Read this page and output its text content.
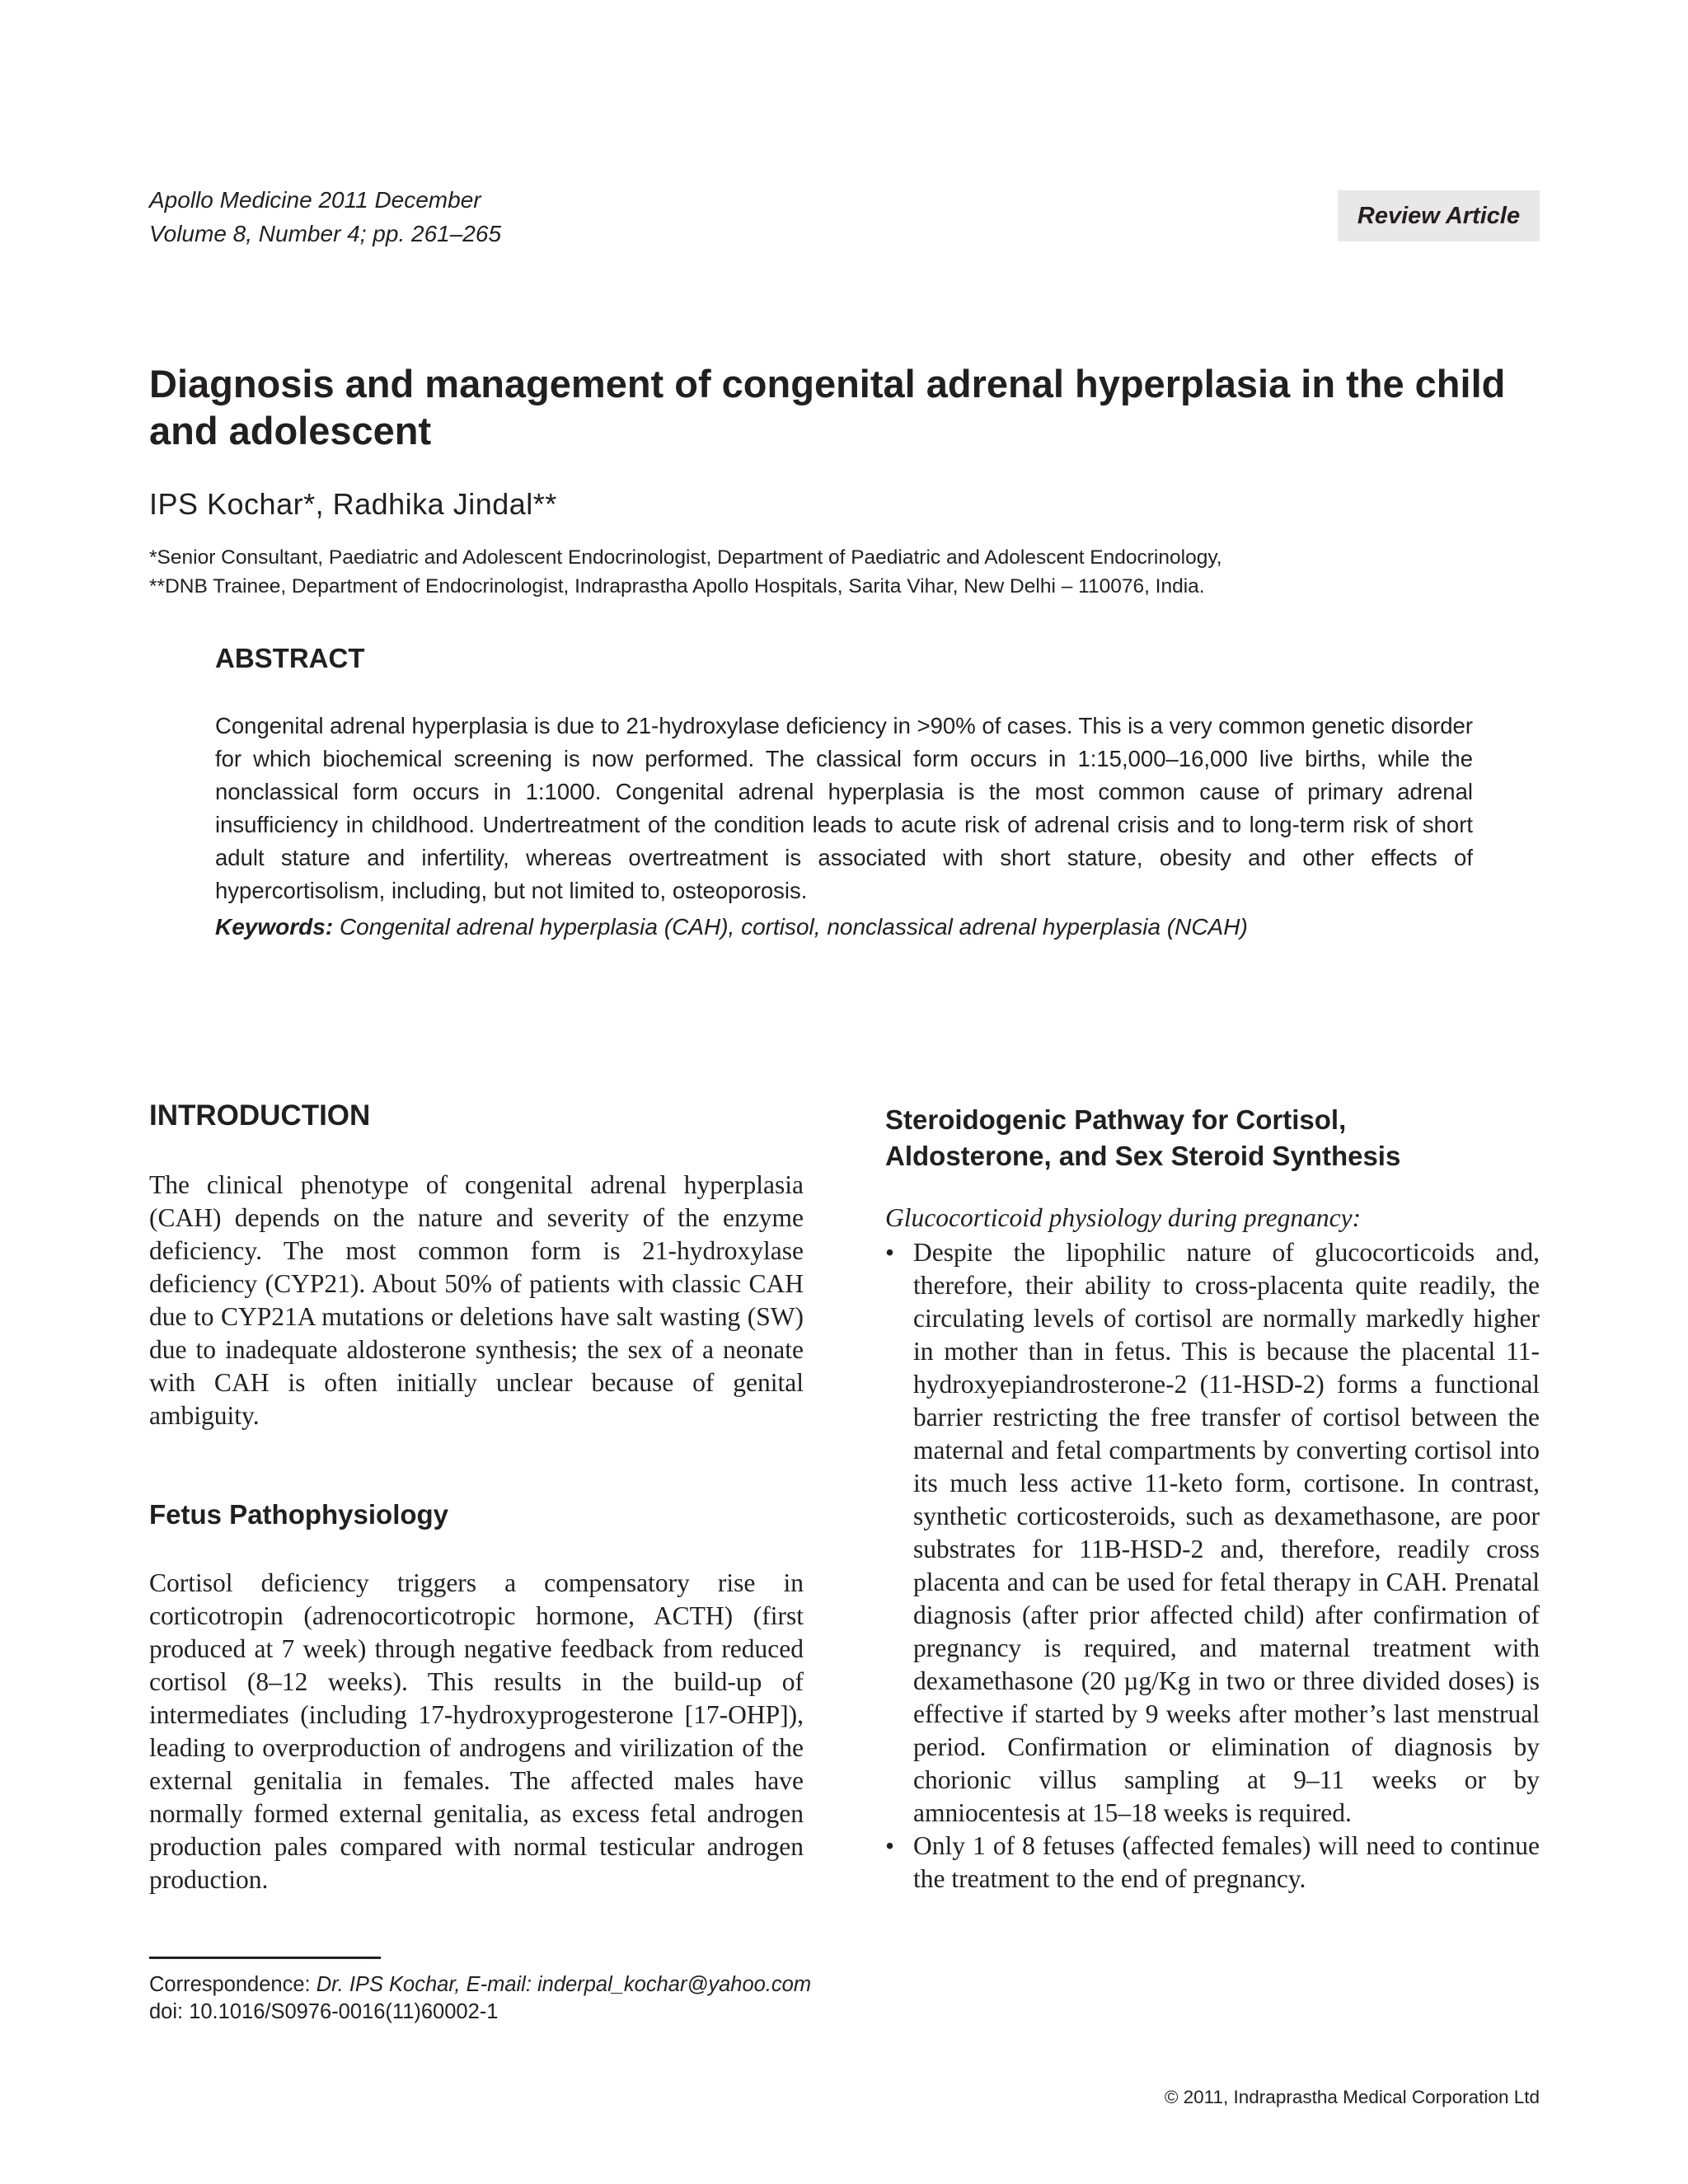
Apollo Medicine 2011 December
Volume 8, Number 4; pp. 261–265
Review Article
Diagnosis and management of congenital adrenal hyperplasia in the child and adolescent
IPS Kochar*, Radhika Jindal**
*Senior Consultant, Paediatric and Adolescent Endocrinologist, Department of Paediatric and Adolescent Endocrinology,
**DNB Trainee, Department of Endocrinologist, Indraprastha Apollo Hospitals, Sarita Vihar, New Delhi – 110076, India.
ABSTRACT

Congenital adrenal hyperplasia is due to 21-hydroxylase deficiency in >90% of cases. This is a very common genetic disorder for which biochemical screening is now performed. The classical form occurs in 1:15,000–16,000 live births, while the nonclassical form occurs in 1:1000. Congenital adrenal hyperplasia is the most common cause of primary adrenal insufficiency in childhood. Undertreatment of the condition leads to acute risk of adrenal crisis and to long-term risk of short adult stature and infertility, whereas overtreatment is associated with short stature, obesity and other effects of hypercortisolism, including, but not limited to, osteoporosis.

Keywords: Congenital adrenal hyperplasia (CAH), cortisol, nonclassical adrenal hyperplasia (NCAH)
INTRODUCTION

The clinical phenotype of congenital adrenal hyperplasia (CAH) depends on the nature and severity of the enzyme deficiency. The most common form is 21-hydroxylase deficiency (CYP21). About 50% of patients with classic CAH due to CYP21A mutations or deletions have salt wasting (SW) due to inadequate aldosterone synthesis; the sex of a neonate with CAH is often initially unclear because of genital ambiguity.

Fetus Pathophysiology

Cortisol deficiency triggers a compensatory rise in corticotropin (adrenocorticotropic hormone, ACTH) (first produced at 7 week) through negative feedback from reduced cortisol (8–12 weeks). This results in the build-up of intermediates (including 17-hydroxyprogesterone [17-OHP]), leading to overproduction of androgens and virilization of the external genitalia in females. The affected males have normally formed external genitalia, as excess fetal androgen production pales compared with normal testicular androgen production.

Steroidogenic Pathway for Cortisol,
Aldosterone, and Sex Steroid Synthesis
Glucocorticoid physiology during pregnancy:
• Despite the lipophilic nature of glucocorticoids and, therefore, their ability to cross-placenta quite readily, the circulating levels of cortisol are normally markedly higher in mother than in fetus. This is because the placental 11-hydroxyepiandrosterone-2 (11-HSD-2) forms a functional barrier restricting the free transfer of cortisol between the maternal and fetal compartments by converting cortisol into its much less active 11-keto form, cortisone. In contrast, synthetic corticosteroids, such as dexamethasone, are poor substrates for 11B-HSD-2 and, therefore, readily cross placenta and can be used for fetal therapy in CAH. Prenatal diagnosis (after prior affected child) after confirmation of pregnancy is required, and maternal treatment with dexamethasone (20 µg/Kg in two or three divided doses) is effective if started by 9 weeks after mother’s last menstrual period. Confirmation or elimination of diagnosis by chorionic villus sampling at 9–11 weeks or by amniocentesis at 15–18 weeks is required.
• Only 1 of 8 fetuses (affected females) will need to continue the treatment to the end of pregnancy.
Correspondence: Dr. IPS Kochar, E-mail: inderpal_kochar@yahoo.com
doi: 10.1016/S0976-0016(11)60002-1
© 2011, Indraprastha Medical Corporation Ltd
